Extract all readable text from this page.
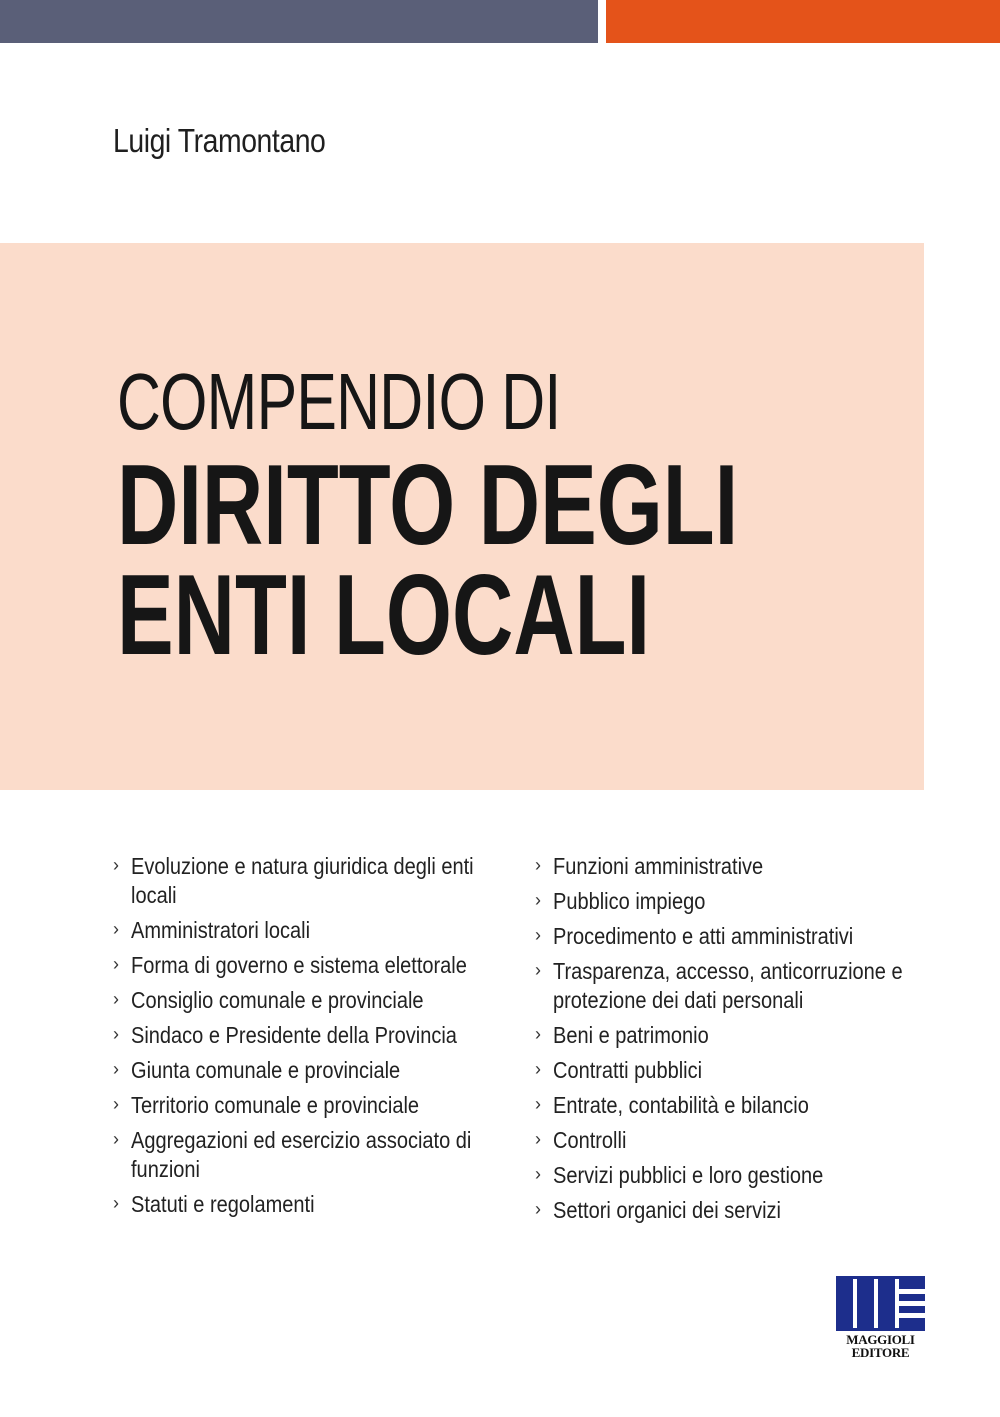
Luigi Tramontano
COMPENDIO DI
DIRITTO DEGLI
ENTI LOCALI
› Evoluzione e natura giuridica degli enti locali
› Amministratori locali
› Forma di governo e sistema elettorale
› Consiglio comunale e provinciale
› Sindaco e Presidente della Provincia
› Giunta comunale e provinciale
› Territorio comunale e provinciale
› Aggregazioni ed esercizio associato di funzioni
› Statuti e regolamenti
› Funzioni amministrative
› Pubblico impiego
› Procedimento e atti amministrativi
› Trasparenza, accesso, anticorruzione e protezione dei dati personali
› Beni e patrimonio
› Contratti pubblici
› Entrate, contabilità e bilancio
› Controlli
› Servizi pubblici e loro gestione
› Settori organici dei servizi
MAGGIOLI
EDITORE
